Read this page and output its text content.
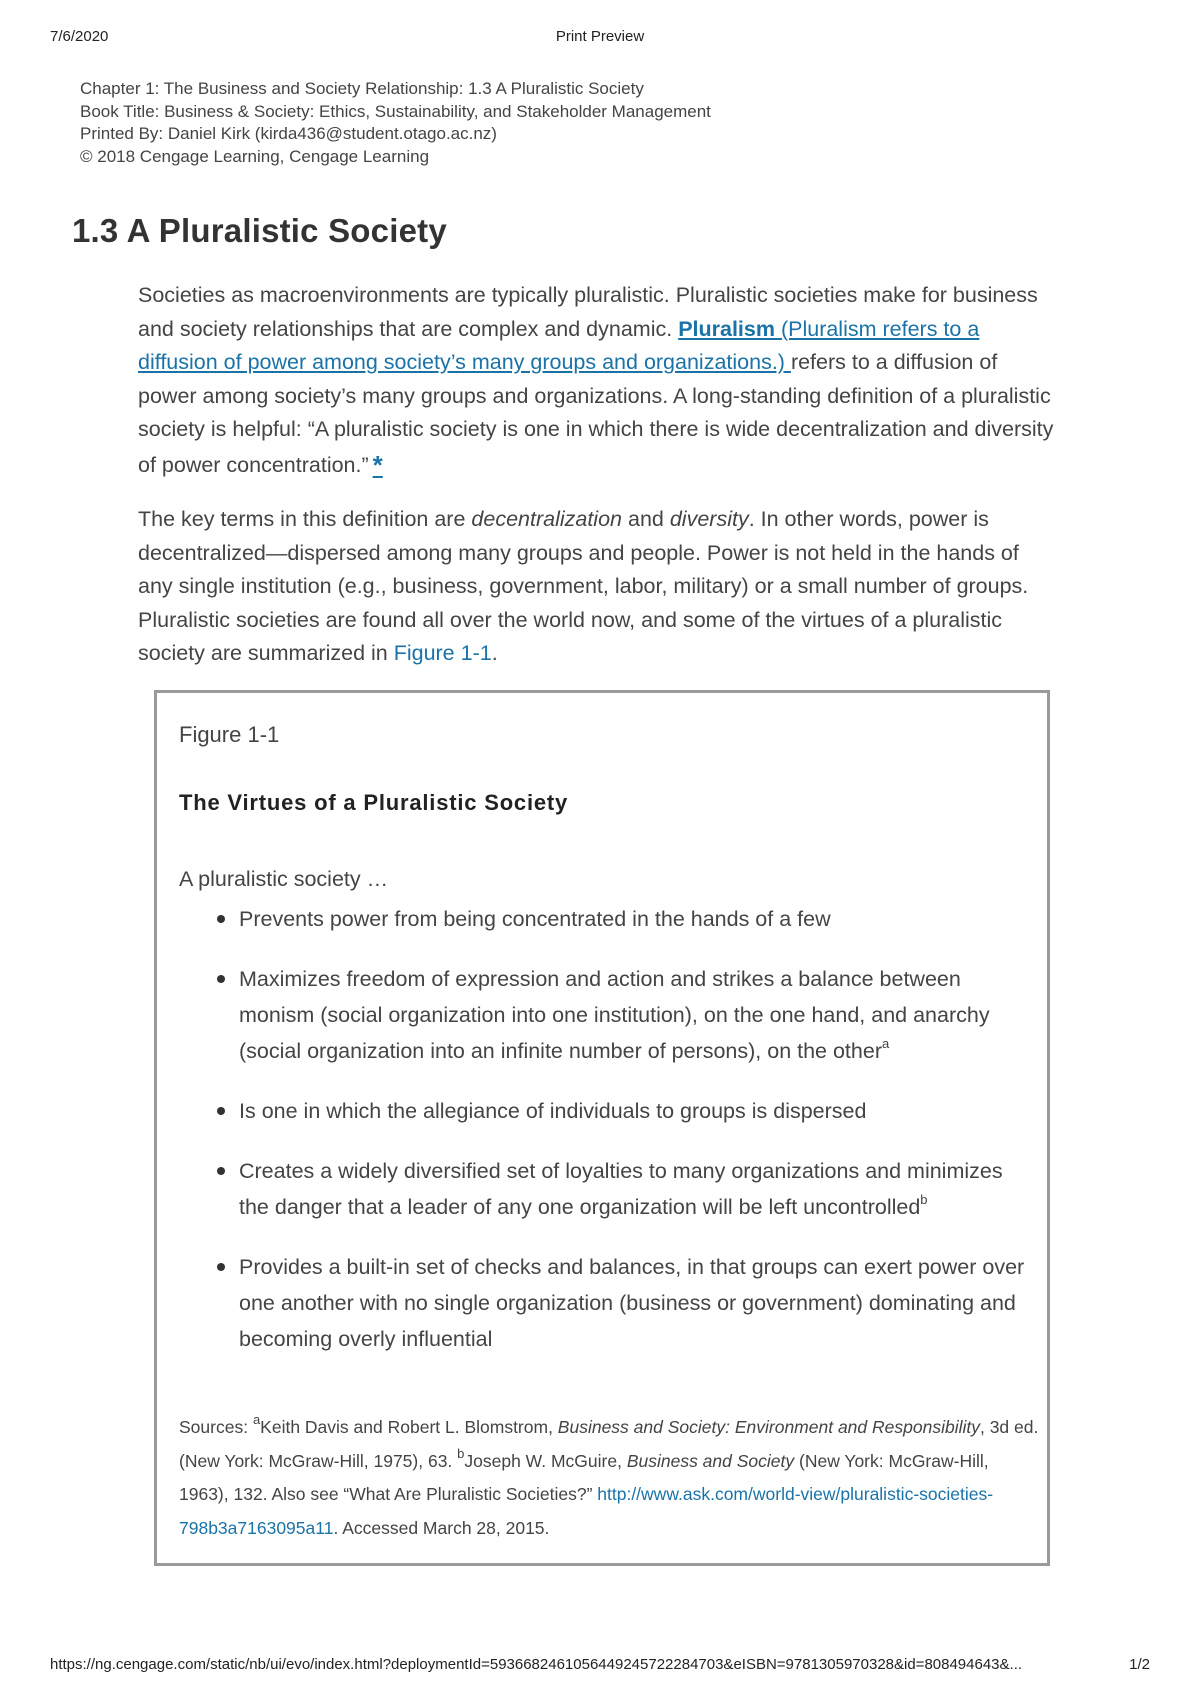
7/6/2020	Print Preview
Chapter 1: The Business and Society Relationship: 1.3 A Pluralistic Society
Book Title: Business & Society: Ethics, Sustainability, and Stakeholder Management
Printed By: Daniel Kirk (kirda436@student.otago.ac.nz)
© 2018 Cengage Learning, Cengage Learning
1.3 A Pluralistic Society

Societies as macroenvironments are typically pluralistic. Pluralistic societies make for business and society relationships that are complex and dynamic. Pluralism (Pluralism refers to a diffusion of power among society’s many groups and organizations.) refers to a diffusion of power among society’s many groups and organizations. A long-standing definition of a pluralistic society is helpful: “A pluralistic society is one in which there is wide decentralization and diversity of power concentration.” *

The key terms in this definition are decentralization and diversity. In other words, power is decentralized—dispersed among many groups and people. Power is not held in the hands of any single institution (e.g., business, government, labor, military) or a small number of groups. Pluralistic societies are found all over the world now, and some of the virtues of a pluralistic society are summarized in Figure 1-1.

Figure 1-1
The Virtues of a Pluralistic Society
A pluralistic society …
Prevents power from being concentrated in the hands of a few
Maximizes freedom of expression and action and strikes a balance between monism (social organization into one institution), on the one hand, and anarchy (social organization into an infinite number of persons), on the other$^a$
Is one in which the allegiance of individuals to groups is dispersed
Creates a widely diversified set of loyalties to many organizations and minimizes the danger that a leader of any one organization will be left uncontrolled$^b$
Provides a built-in set of checks and balances, in that groups can exert power over one another with no single organization (business or government) dominating and becoming overly influential
Sources: $^a$Keith Davis and Robert L. Blomstrom, Business and Society: Environment and Responsibility, 3d ed. (New York: McGraw-Hill, 1975), 63. $^b$Joseph W. McGuire, Business and Society (New York: McGraw-Hill, 1963), 132. Also see “What Are Pluralistic Societies?” http://www.ask.com/world-view/pluralistic-societies-798b3a7163095a11. Accessed March 28, 2015.
https://ng.cengage.com/static/nb/ui/evo/index.html?deploymentId=5936682461056449245722284703&eISBN=9781305970328&id=808494643&...	1/2
